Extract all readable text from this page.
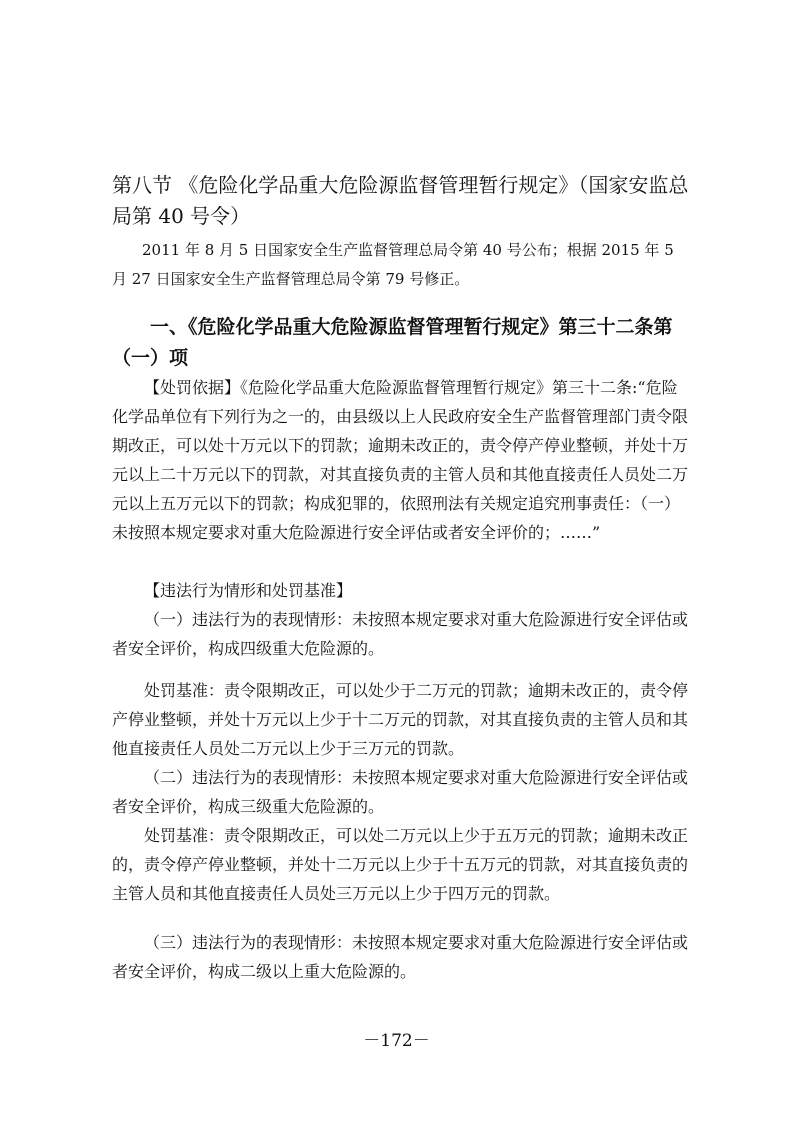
第八节 《危险化学品重大危险源监督管理暂行规定》（国家安监总局第 40 号令）

2011 年 8 月 5 日国家安全生产监督管理总局令第 40 号公布；根据 2015 年 5 月 27 日国家安全生产监督管理总局令第 79 号修正。

一、《危险化学品重大危险源监督管理暂行规定》第三十二条第（一）项

【处罚依据】《危险化学品重大危险源监督管理暂行规定》第三十二条:“危险化学品单位有下列行为之一的，由县级以上人民政府安全生产监督管理部门责令限期改正，可以处十万元以下的罚款；逾期未改正的，责令停产停业整顿，并处十万元以上二十万元以下的罚款，对其直接负责的主管人员和其他直接责任人员处二万元以上五万元以下的罚款；构成犯罪的，依照刑法有关规定追究刑事责任：（一）未按照本规定要求对重大危险源进行安全评估或者安全评价的；……”

【违法行为情形和处罚基准】

（一）违法行为的表现情形：未按照本规定要求对重大危险源进行安全评估或者安全评价，构成四级重大危险源的。

处罚基准：责令限期改正，可以处少于二万元的罚款；逾期未改正的，责令停产停业整顿，并处十万元以上少于十二万元的罚款，对其直接负责的主管人员和其他直接责任人员处二万元以上少于三万元的罚款。

（二）违法行为的表现情形：未按照本规定要求对重大危险源进行安全评估或者安全评价，构成三级重大危险源的。

处罚基准：责令限期改正，可以处二万元以上少于五万元的罚款；逾期未改正的，责令停产停业整顿，并处十二万元以上少于十五万元的罚款，对其直接负责的主管人员和其他直接责任人员处三万元以上少于四万元的罚款。

（三）违法行为的表现情形：未按照本规定要求对重大危险源进行安全评估或者安全评价，构成二级以上重大危险源的。

－172－
